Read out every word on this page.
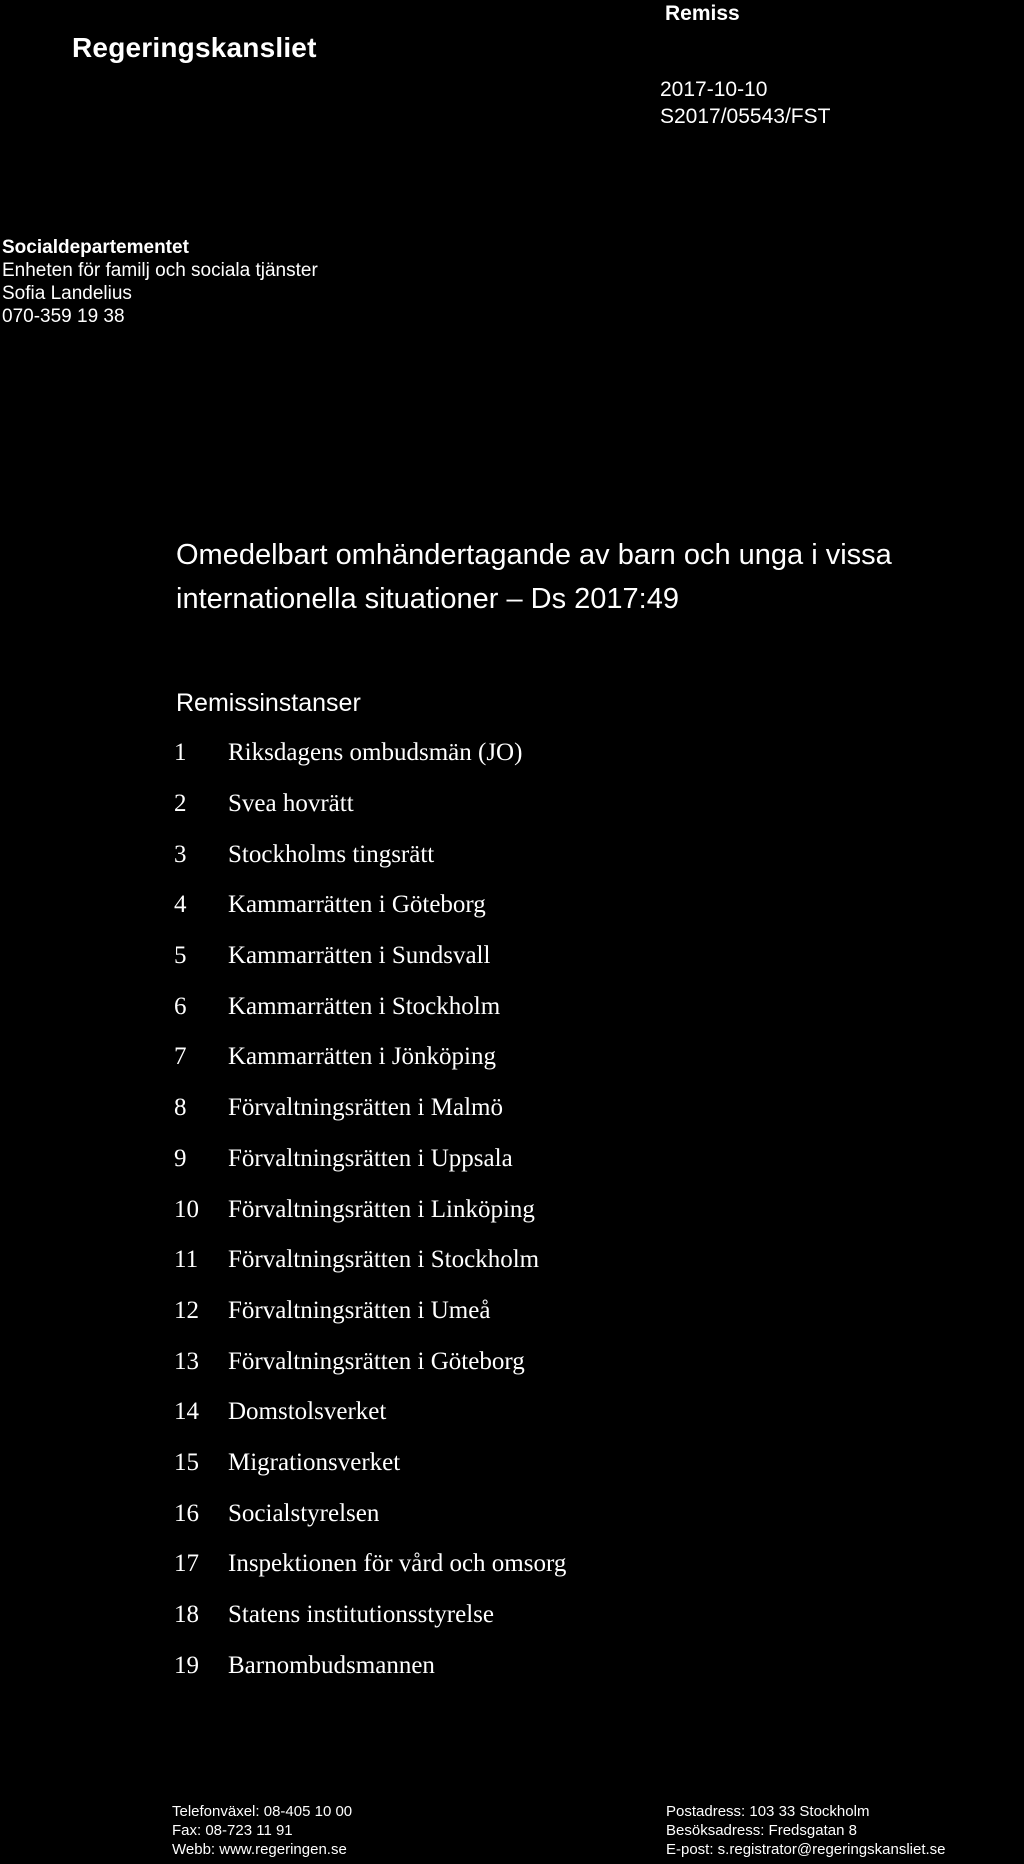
Regeringskansliet
Remiss
2017-10-10
S2017/05543/FST
Socialdepartementet
Enheten för familj och sociala tjänster
Sofia Landelius
070-359 19 38
Omedelbart omhändertagande av barn och unga i vissa internationella situationer – Ds 2017:49
Remissinstanser
1	Riksdagens ombudsmän (JO)
2	Svea hovrätt
3	Stockholms tingsrätt
4	Kammarrätten i Göteborg
5	Kammarrätten i Sundsvall
6	Kammarrätten i Stockholm
7	Kammarrätten i Jönköping
8	Förvaltningsrätten i Malmö
9	Förvaltningsrätten i Uppsala
10	Förvaltningsrätten i Linköping
11	Förvaltningsrätten i Stockholm
12	Förvaltningsrätten i Umeå
13	Förvaltningsrätten i Göteborg
14	Domstolsverket
15	Migrationsverket
16	Socialstyrelsen
17	Inspektionen för vård och omsorg
18	Statens institutionsstyrelse
19	Barnombudsmannen
Telefonväxel: 08-405 10 00
Fax: 08-723 11 91
Webb: www.regeringen.se
Postadress: 103 33 Stockholm
Besöksadress: Fredsgatan 8
E-post: s.registrator@regeringskansliet.se
